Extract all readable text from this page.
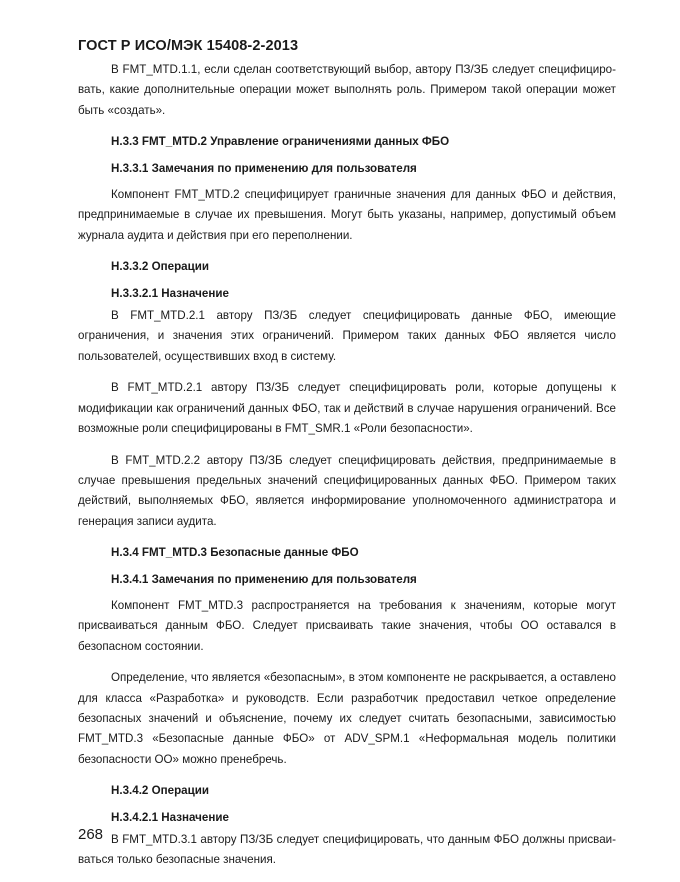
ГОСТ Р ИСО/МЭК 15408-2-2013

В FMT_MTD.1.1, если сделан соответствующий выбор, автору ПЗ/ЗБ следует специфицировать, какие дополнительные операции может выполнять роль. Примером такой операции может быть «создать».

H.3.3 FMT_MTD.2 Управление ограничениями данных ФБО

H.3.3.1 Замечания по применению для пользователя

Компонент FMT_MTD.2 специфицирует граничные значения для данных ФБО и действия, предпринимаемые в случае их превышения. Могут быть указаны, например, допустимый объем журнала аудита и действия при его переполнении.

H.3.3.2 Операции

H.3.3.2.1 Назначение

В FMT_MTD.2.1 автору ПЗ/ЗБ следует специфицировать данные ФБО, имеющие ограничения, и значения этих ограничений. Примером таких данных ФБО является число пользователей, осуществивших вход в систему.

В FMT_MTD.2.1 автору ПЗ/ЗБ следует специфицировать роли, которые допущены к модификации как ограничений данных ФБО, так и действий в случае нарушения ограничений. Все возможные роли специфицированы в FMT_SMR.1 «Роли безопасности».

В FMT_MTD.2.2 автору ПЗ/ЗБ следует специфицировать действия, предпринимаемые в случае превышения предельных значений специфицированных данных ФБО. Примером таких действий, выполняемых ФБО, является информирование уполномоченного администратора и генерация записи аудита.

H.3.4 FMT_MTD.3 Безопасные данные ФБО

H.3.4.1 Замечания по применению для пользователя

Компонент FMT_MTD.3 распространяется на требования к значениям, которые могут присваиваться данным ФБО. Следует присваивать такие значения, чтобы ОО оставался в безопасном состоянии.

Определение, что является «безопасным», в этом компоненте не раскрывается, а оставлено для класса «Разработка» и руководств. Если разработчик предоставил четкое определение безопасных значений и объяснение, почему их следует считать безопасными, зависимостью FMT_MTD.3 «Безопасные данные ФБО» от ADV_SPM.1 «Неформальная модель политики безопасности ОО» можно пренебречь.

H.3.4.2 Операции

H.3.4.2.1 Назначение

В FMT_MTD.3.1 автору ПЗ/ЗБ следует специфицировать, что данным ФБО должны присваиваться только безопасные значения.

268
